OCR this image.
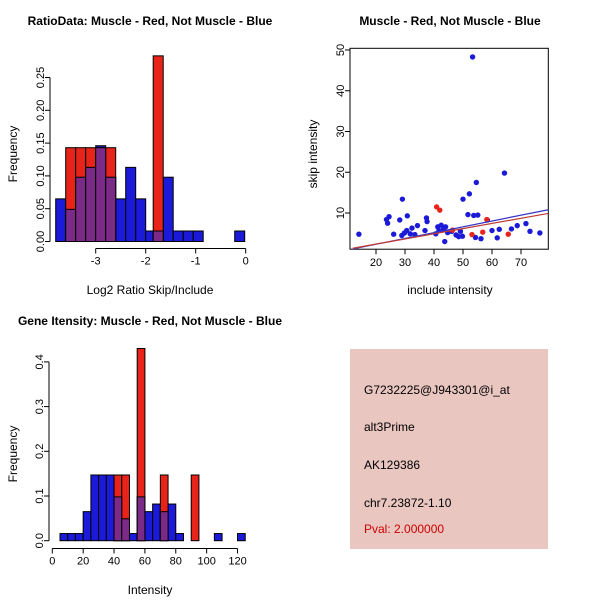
0.00
0.05
0.10
0.15
0.20
0.25
-3	-2	-1	0
RatioData: Muscle - Red, Not Muscle - Blue
Frequency
Log2 Ratio Skip/Include
20 30 40 50 60 70
10
20
30
40
50
Muscle - Red, Not Muscle - Blue
skip intensity
include intensity
0.0
0.1
0.2
0.3
0.4
0 20 40 60 80 100 120
Gene Itensity: Muscle - Red, Not Muscle - Blue
Frequency
Intensity
G7232225@J943301@i_at
alt3Prime
AK129386
chr7.23872-1.10
Pval: 2.000000
